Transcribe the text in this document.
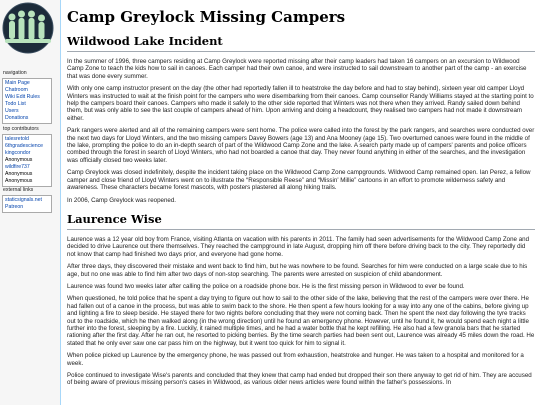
navigation
Main Page
Chatroom
Wiki Edit Rules
Todo List
Users
Donations
top contributors
talesretold
6thgradescience
kingcondor
Anonymous
wildfire737
Anonymous
Anonymous
external links
staticsignals.net
Patreon
Camp Greylock Missing Campers
Wildwood Lake Incident

In the summer of 1996, three campers residing at Camp Greylock were reported missing after their camp leaders had taken 16 campers on an excursion to Wildwood Camp Zone to teach the kids how to sail in canoes. Each camper had their own canoe, and were instructed to sail downstream to another part of the camp - an exercise that was done every summer.

With only one camp instructor present on the day (the other had reportedly fallen ill to heatstroke the day before and had to stay behind), sixteen year old camper Lloyd Winters was instructed to wait at the finish point for the campers who were disembarking from their canoes. Camp counsellor Randy Williams stayed at the starting point to help the campers board their canoes. Campers who made it safely to the other side reported that Winters was not there when they arrived. Randy sailed down behind them, but was only able to see the last couple of campers ahead of him. Upon arriving and doing a headcount, they realised two campers had not made it downstream either.

Park rangers were alerted and all of the remaining campers were sent home. The police were called into the forest by the park rangers, and searches were conducted over the next two days for Lloyd Winters, and the two missing campers Davey Bowers (age 13) and Ana Mooney (age 15). Two overturned canoes were found in the middle of the lake, prompting the police to do an in-depth search of part of the Wildwood Camp Zone and the lake. A search party made up of campers' parents and police officers combed through the forest in search of Lloyd Winters, who had not boarded a canoe that day. They never found anything in either of the searches, and the investigation was officially closed two weeks later.

Camp Greylock was closed indefinitely, despite the incident taking place on the Wildwood Camp Zone campgrounds. Wildwood Camp remained open. Ian Perez, a fellow camper and close friend of Lloyd Winters went on to illustrate the “Responsible Reese” and “Missin' Millie” cartoons in an effort to promote wilderness safety and awareness. These characters became forest mascots, with posters plastered all along hiking trails.

In 2006, Camp Greylock was reopened.

Laurence Wise

Laurence was a 12 year old boy from France, visiting Atlanta on vacation with his parents in 2011. The family had seen advertisements for the Wildwood Camp Zone and decided to drive Laurence out there themselves. They reached the campground in late August, dropping him off there before driving back to the city. They reportedly did not know that camp had finished two days prior, and everyone had gone home.

After three days, they discovered their mistake and went back to find him, but he was nowhere to be found. Searches for him were conducted on a large scale due to his age, but no one was able to find him after two days of non-stop searching. The parents were arrested on suspicion of child abandonment.

Laurence was found two weeks later after calling the police on a roadside phone box. He is the first missing person in Wildwood to ever be found.

When questioned, he told police that he spent a day trying to figure out how to sail to the other side of the lake, believing that the rest of the campers were over there. He had fallen out of a canoe in the process, but was able to swim back to the shore. He then spent a few hours looking for a way into any one of the cabins, before giving up and lighting a fire to sleep beside. He stayed there for two nights before concluding that they were not coming back. Then he spent the next day following the tyre tracks out to the roadside, which he then walked along (in the wrong direction) until he found an emergency phone. However, until he found it, he would spend each night a little further into the forest, sleeping by a fire. Luckily, it rained multiple times, and he had a water bottle that he kept refilling. He also had a few granola bars that he started rationing after the first day. After he ran out, he resorted to picking berries. By the time search parties had been sent out, Laurence was already 45 miles down the road. He stated that he only ever saw one car pass him on the highway, but it went too quick for him to signal it.

When police picked up Laurence by the emergency phone, he was passed out from exhaustion, heatstroke and hunger. He was taken to a hospital and monitored for a week.

Police continued to investigate Wise's parents and concluded that they knew that camp had ended but dropped their son there anyway to get rid of him. They are accused of being aware of previous missing person's cases in Wildwood, as various older news articles were found within the father's possessions. In
